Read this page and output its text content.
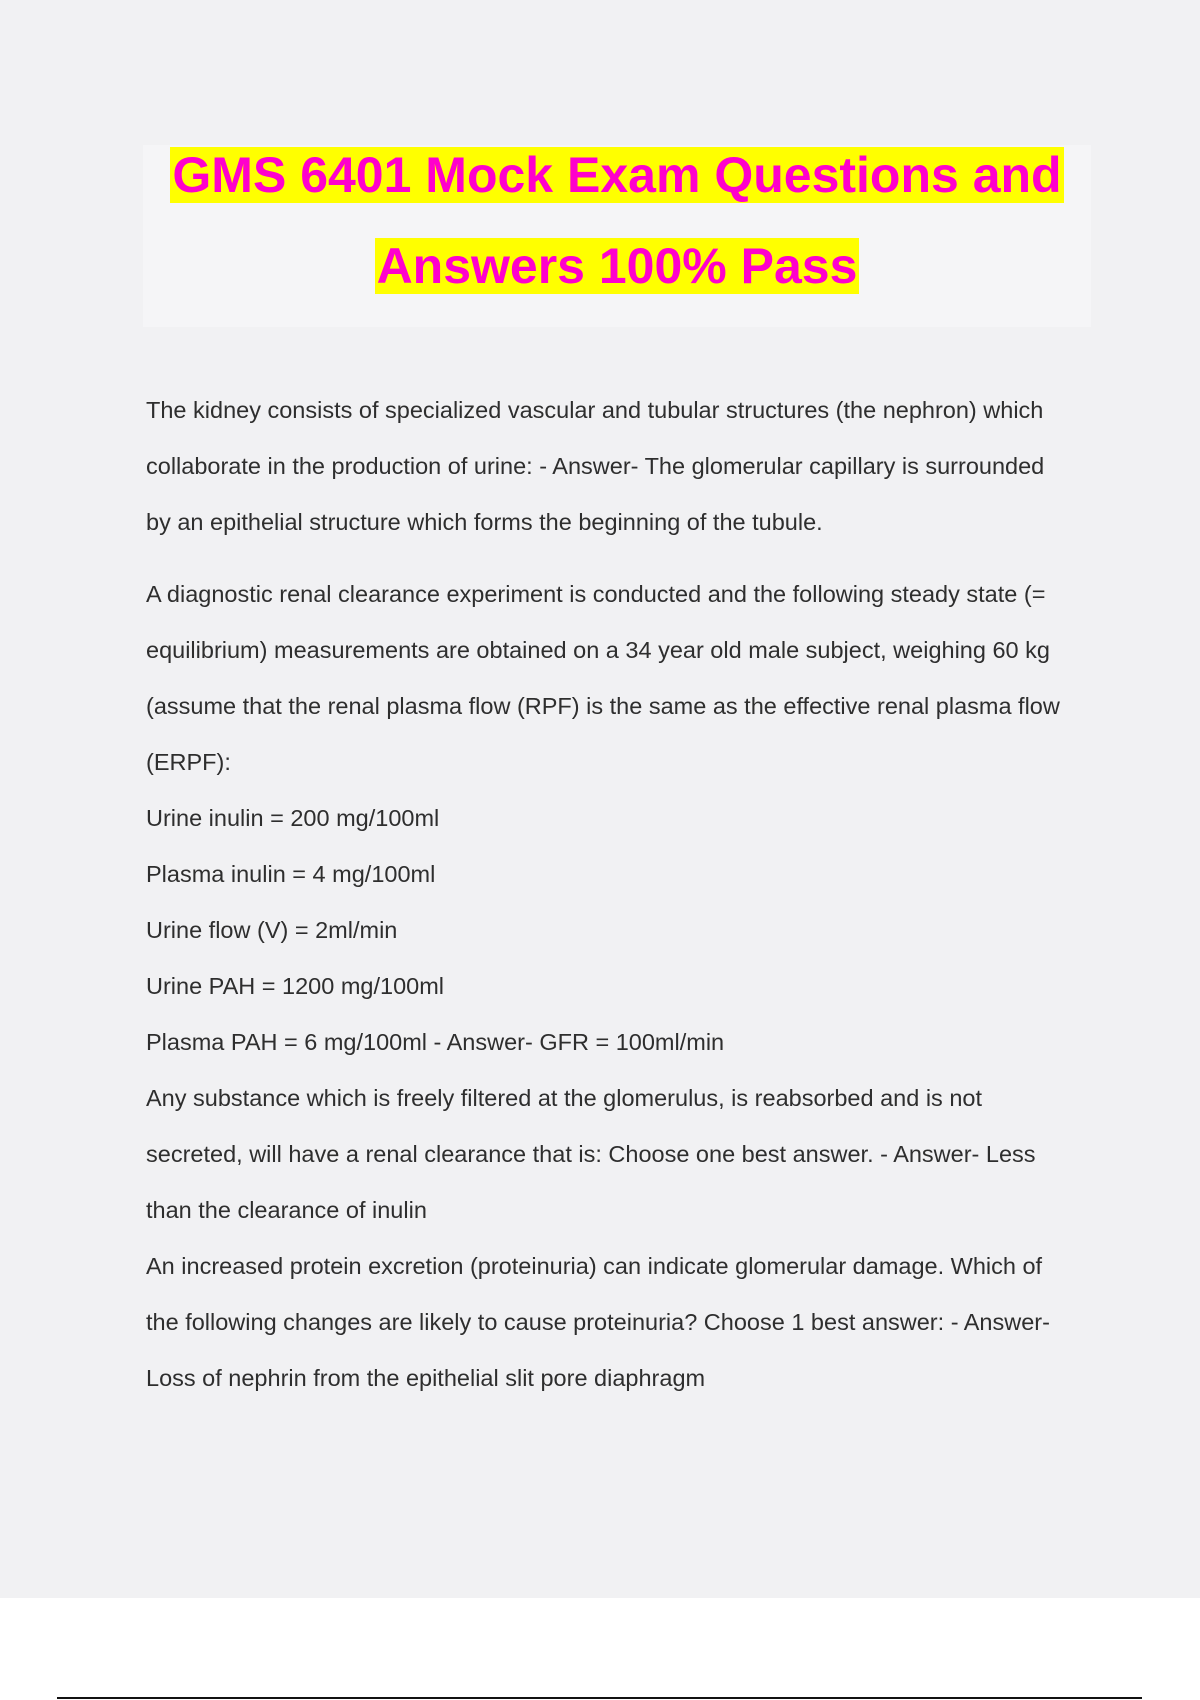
GMS 6401 Mock Exam Questions and
Answers 100% Pass

The kidney consists of specialized vascular and tubular structures (the nephron) which

collaborate in the production of urine: - Answer- The glomerular capillary is surrounded

by an epithelial structure which forms the beginning of the tubule.

A diagnostic renal clearance experiment is conducted and the following steady state (=

equilibrium) measurements are obtained on a 34 year old male subject, weighing 60 kg

(assume that the renal plasma flow (RPF) is the same as the effective renal plasma flow

(ERPF):

Urine inulin = 200 mg/100ml

Plasma inulin = 4 mg/100ml

Urine flow (V) = 2ml/min

Urine PAH = 1200 mg/100ml

Plasma PAH = 6 mg/100ml - Answer- GFR = 100ml/min

Any substance which is freely filtered at the glomerulus, is reabsorbed and is not

secreted, will have a renal clearance that is: Choose one best answer. - Answer- Less

than the clearance of inulin

An increased protein excretion (proteinuria) can indicate glomerular damage. Which of

the following changes are likely to cause proteinuria? Choose 1 best answer: - Answer-

Loss of nephrin from the epithelial slit pore diaphragm
